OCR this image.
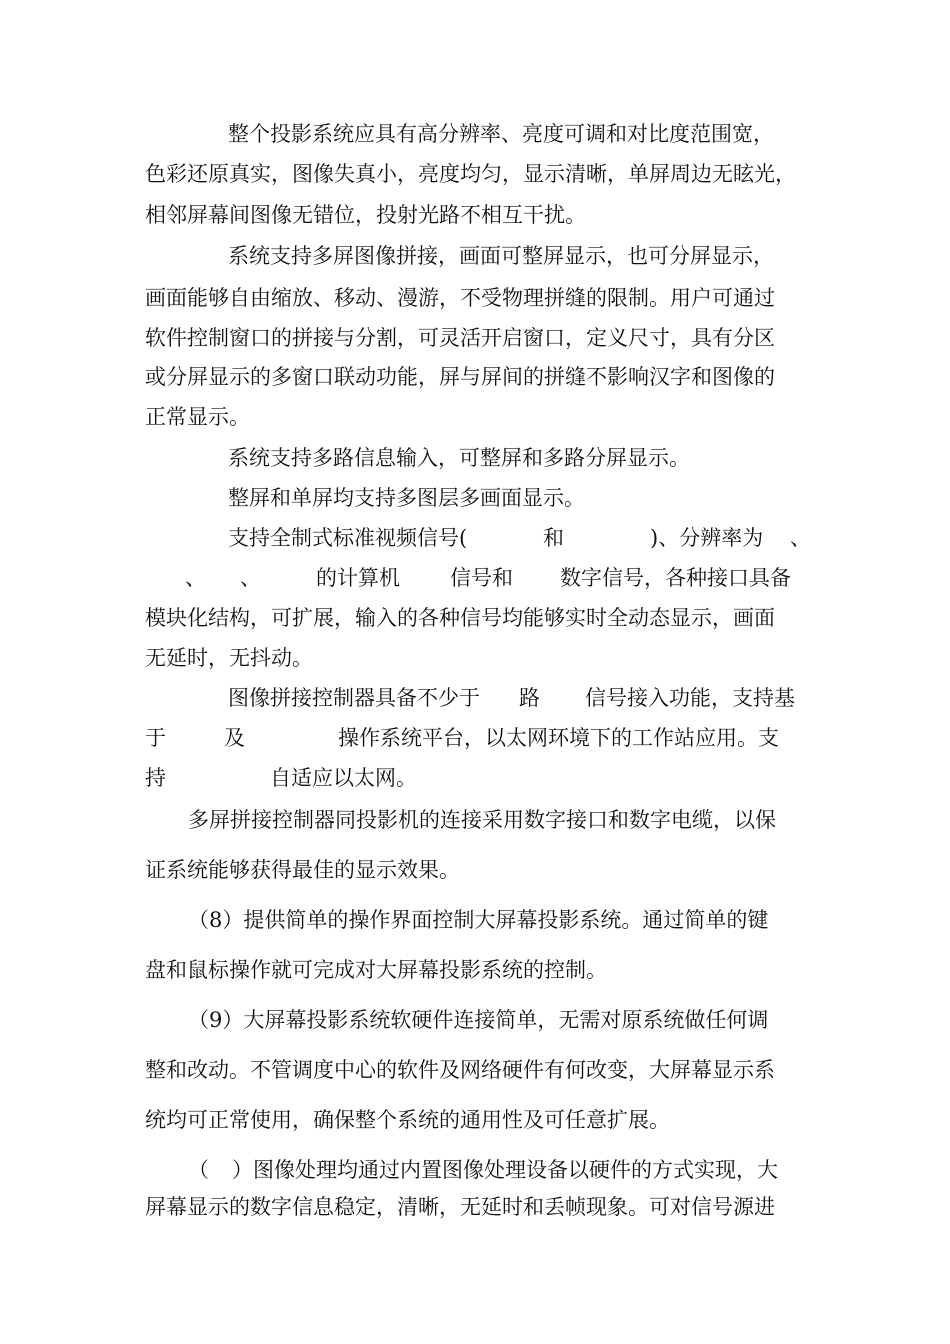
整个投影系统应具有高分辨率、亮度可调和对比度范围宽，
色彩还原真实，图像失真小，亮度均匀，显示清晰，单屏周边无眩光，
相邻屏幕间图像无错位，投射光路不相互干扰。
系统支持多屏图像拼接，画面可整屏显示，也可分屏显示，
画面能够自由缩放、移动、漫游，不受物理拼缝的限制。用户可通过
软件控制窗口的拼接与分割，可灵活开启窗口，定义尺寸，具有分区
或分屏显示的多窗口联动功能，屏与屏间的拼缝不影响汉字和图像的
正常显示。
系统支持多路信息输入，可整屏和多路分屏显示。
整屏和单屏均支持多图层多画面显示。
支持全制式标准视频信号(	和	)、分辨率为 、
、 、	的计算机 信号和 数字信号，各种接口具备
模块化结构，可扩展，输入的各种信号均能够实时全动态显示，画面
无延时，无抖动。
图像拼接控制器具备不少于 路 信号接入功能，支持基
于	及	操作系统平台，以太网环境下的工作站应用。支
持	自适应以太网。
多屏拼接控制器同投影机的连接采用数字接口和数字电缆，以保
证系统能够获得最佳的显示效果。
（8）提供简单的操作界面控制大屏幕投影系统。通过简单的键
盘和鼠标操作就可完成对大屏幕投影系统的控制。
（9）大屏幕投影系统软硬件连接简单，无需对原系统做任何调
整和改动。不管调度中心的软件及网络硬件有何改变，大屏幕显示系
统均可正常使用，确保整个系统的通用性及可任意扩展。
（ ）图像处理均通过内置图像处理设备以硬件的方式实现，大
屏幕显示的数字信息稳定，清晰，无延时和丢帧现象。可对信号源进
